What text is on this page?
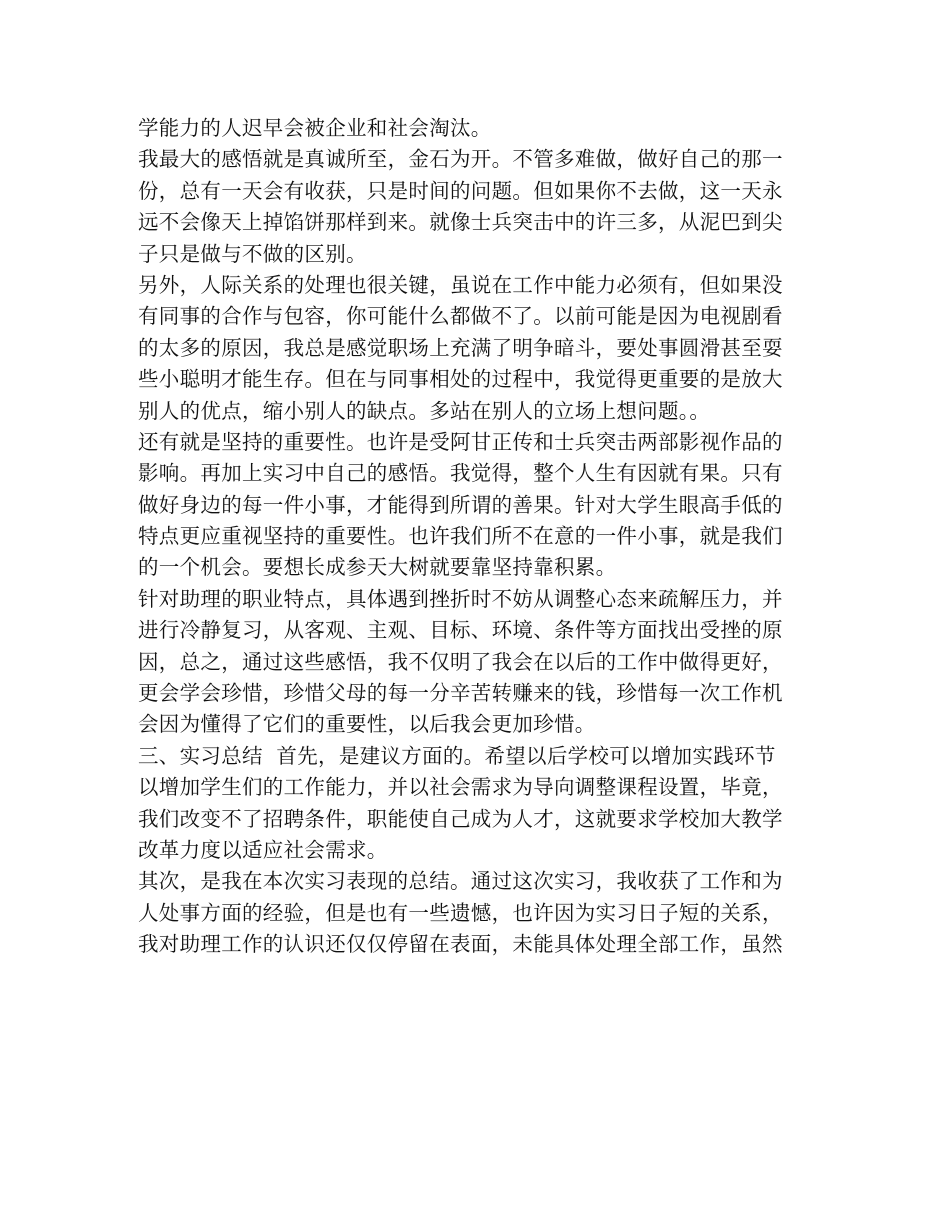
学能力的人迟早会被企业和社会淘汰。
我最大的感悟就是真诚所至，金石为开。不管多难做，做好自己的那一
份，总有一天会有收获，只是时间的问题。但如果你不去做，这一天永
远不会像天上掉馅饼那样到来。就像士兵突击中的许三多，从泥巴到尖
子只是做与不做的区别。
另外，人际关系的处理也很关键，虽说在工作中能力必须有，但如果没
有同事的合作与包容，你可能什么都做不了。以前可能是因为电视剧看
的太多的原因，我总是感觉职场上充满了明争暗斗，要处事圆滑甚至耍
些小聪明才能生存。但在与同事相处的过程中，我觉得更重要的是放大
别人的优点，缩小别人的缺点。多站在别人的立场上想问题。。
还有就是坚持的重要性。也许是受阿甘正传和士兵突击两部影视作品的
影响。再加上实习中自己的感悟。我觉得，整个人生有因就有果。只有
做好身边的每一件小事，才能得到所谓的善果。针对大学生眼高手低的
特点更应重视坚持的重要性。也许我们所不在意的一件小事，就是我们
的一个机会。要想长成参天大树就要靠坚持靠积累。
针对助理的职业特点，具体遇到挫折时不妨从调整心态来疏解压力，并
进行冷静复习，从客观、主观、目标、环境、条件等方面找出受挫的原
因，总之，通过这些感悟，我不仅明了我会在以后的工作中做得更好，
更会学会珍惜，珍惜父母的每一分辛苦转赚来的钱，珍惜每一次工作机
会因为懂得了它们的重要性，以后我会更加珍惜。
三、实习总结  首先，是建议方面的。希望以后学校可以增加实践环节
以增加学生们的工作能力，并以社会需求为导向调整课程设置，毕竟，
我们改变不了招聘条件，职能使自己成为人才，这就要求学校加大教学
改革力度以适应社会需求。
其次，是我在本次实习表现的总结。通过这次实习，我收获了工作和为
人处事方面的经验，但是也有一些遗憾，也许因为实习日子短的关系，
我对助理工作的认识还仅仅停留在表面，未能具体处理全部工作，虽然
